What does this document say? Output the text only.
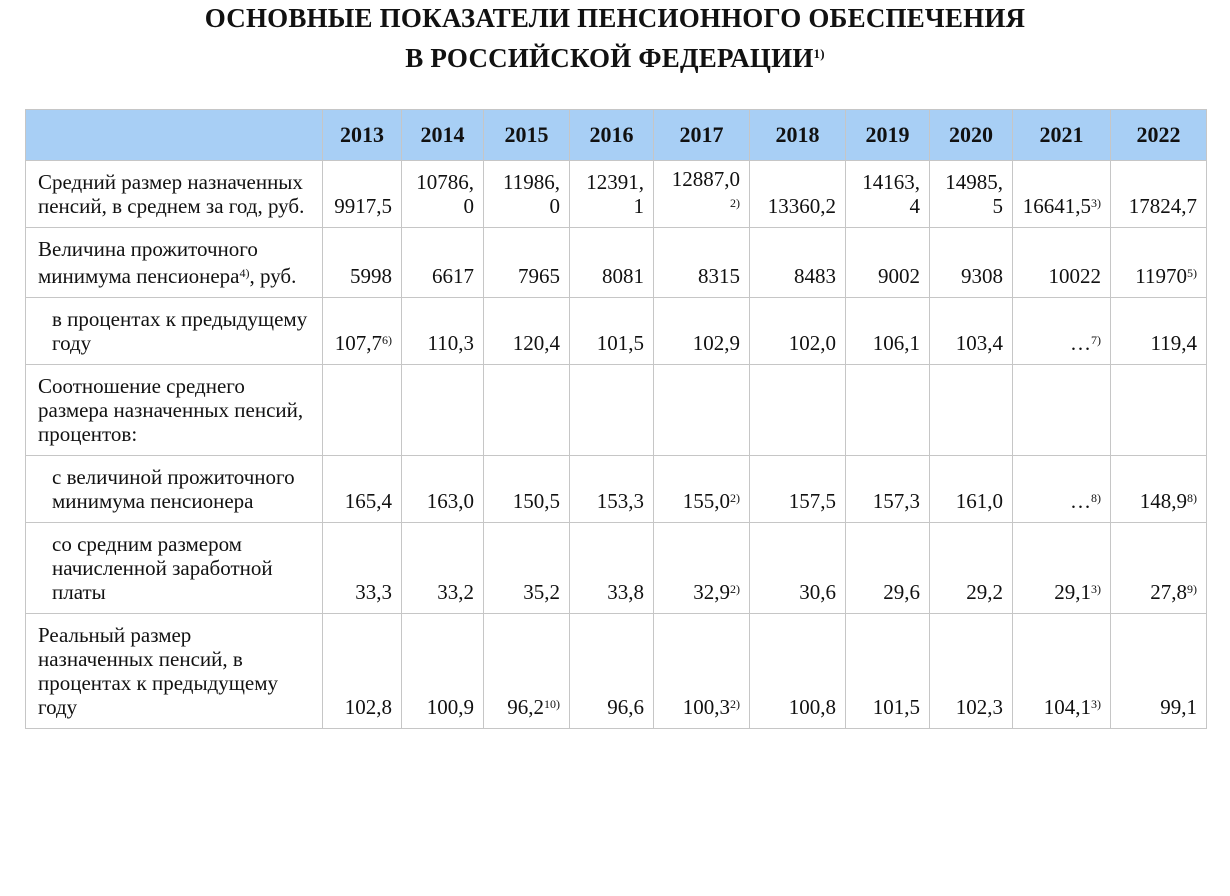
ОСНОВНЫЕ ПОКАЗАТЕЛИ ПЕНСИОННОГО ОБЕСПЕЧЕНИЯ
В РОССИЙСКОЙ ФЕДЕРАЦИИ$^{1)}$
	2013	2014	2015	2016	2017	2018	2019	2020	2021	2022
Средний размер назначенных пенсий, в среднем за год, руб.	9917,5	10786,0	11986,0	12391,1	12887,0$^{2)}$	13360,2	14163,4	14985,5	16641,5$^{3)}$	17824,7
Величина прожиточного минимума пенсионера$^{4)}$, руб.	5998	6617	7965	8081	8315	8483	9002	9308	10022	11970$^{5)}$
в процентах к предыдущему году	107,7$^{6)}$	110,3	120,4	101,5	102,9	102,0	106,1	103,4	…$^{7)}$	119,4
Соотношение среднего размера назначенных пенсий, процентов:										
с величиной прожиточного минимума пенсионера	165,4	163,0	150,5	153,3	155,0$^{2)}$	157,5	157,3	161,0	…$^{8)}$	148,9$^{8)}$
со средним размером начисленной заработной платы	33,3	33,2	35,2	33,8	32,9$^{2)}$	30,6	29,6	29,2	29,1$^{3)}$	27,8$^{9)}$
Реальный размер назначенных пенсий, в процентах к предыдущему году	102,8	100,9	96,2$^{10)}$	96,6	100,3$^{2)}$	100,8	101,5	102,3	104,1$^{3)}$	99,1
